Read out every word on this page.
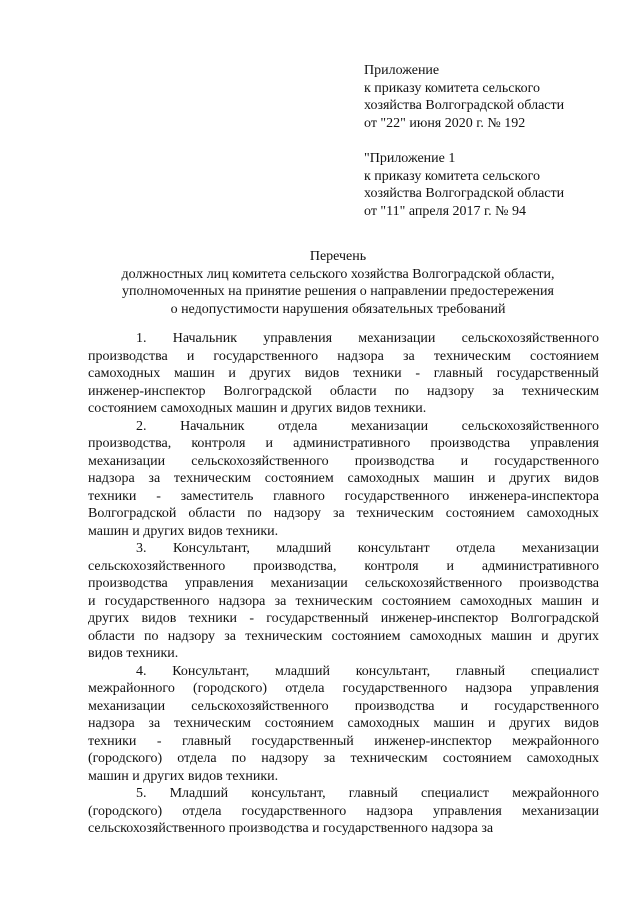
Приложение
к приказу комитета сельского
хозяйства Волгоградской области
от "22" июня 2020 г. № 192
"Приложение 1
к приказу комитета сельского
хозяйства Волгоградской области
от "11" апреля 2017 г. № 94
Перечень
должностных лиц комитета сельского хозяйства Волгоградской области,
уполномоченных на принятие решения о направлении предостережения
о недопустимости нарушения обязательных требований
1. Начальник управления механизации сельскохозяйственного
производства и государственного надзора за техническим состоянием
самоходных машин и других видов техники - главный государственный
инженер-инспектор Волгоградской области по надзору за техническим
состоянием самоходных машин и других видов техники.
2. Начальник отдела механизации сельскохозяйственного
производства, контроля и административного производства управления
механизации сельскохозяйственного производства и государственного
надзора за техническим состоянием самоходных машин и других видов
техники - заместитель главного государственного инженера-инспектора
Волгоградской области по надзору за техническим состоянием самоходных
машин и других видов техники.
3. Консультант, младший консультант отдела механизации
сельскохозяйственного производства, контроля и административного
производства управления механизации сельскохозяйственного производства
и государственного надзора за техническим состоянием самоходных машин и
других видов техники - государственный инженер-инспектор Волгоградской
области по надзору за техническим состоянием самоходных машин и других
видов техники.
4. Консультант, младший консультант, главный специалист
межрайонного (городского) отдела государственного надзора управления
механизации сельскохозяйственного производства и государственного
надзора за техническим состоянием самоходных машин и других видов
техники - главный государственный инженер-инспектор межрайонного
(городского) отдела по надзору за техническим состоянием самоходных
машин и других видов техники.
5. Младший консультант, главный специалист межрайонного
(городского) отдела государственного надзора управления механизации
сельскохозяйственного производства и государственного надзора за
